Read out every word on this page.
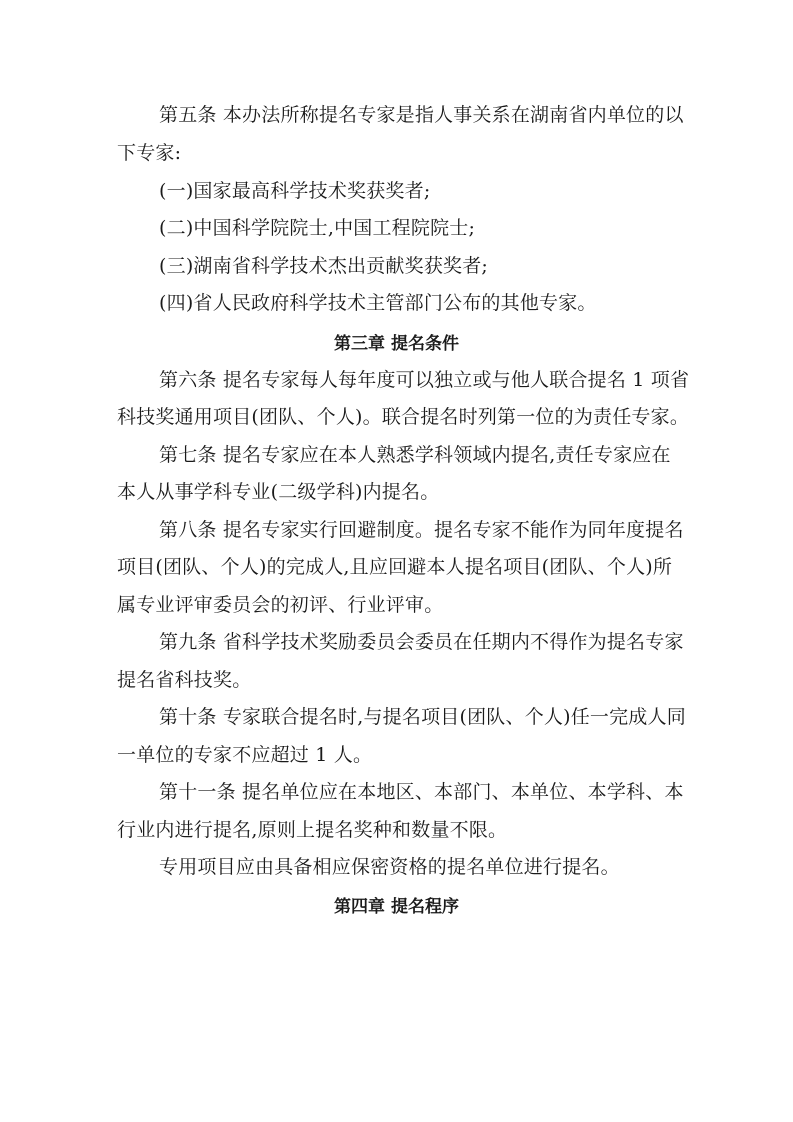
第五条 本办法所称提名专家是指人事关系在湖南省内单位的以
下专家:
(一)国家最高科学技术奖获奖者;
(二)中国科学院院士,中国工程院院士;
(三)湖南省科学技术杰出贡献奖获奖者;
(四)省人民政府科学技术主管部门公布的其他专家。
第三章 提名条件
第六条 提名专家每人每年度可以独立或与他人联合提名 1 项省
科技奖通用项目(团队、个人)。联合提名时列第一位的为责任专家。
第七条 提名专家应在本人熟悉学科领域内提名,责任专家应在
本人从事学科专业(二级学科)内提名。
第八条 提名专家实行回避制度。提名专家不能作为同年度提名
项目(团队、个人)的完成人,且应回避本人提名项目(团队、个人)所
属专业评审委员会的初评、行业评审。
第九条 省科学技术奖励委员会委员在任期内不得作为提名专家
提名省科技奖。
第十条 专家联合提名时,与提名项目(团队、个人)任一完成人同
一单位的专家不应超过 1 人。
第十一条 提名单位应在本地区、本部门、本单位、本学科、本
行业内进行提名,原则上提名奖种和数量不限。
专用项目应由具备相应保密资格的提名单位进行提名。
第四章 提名程序
